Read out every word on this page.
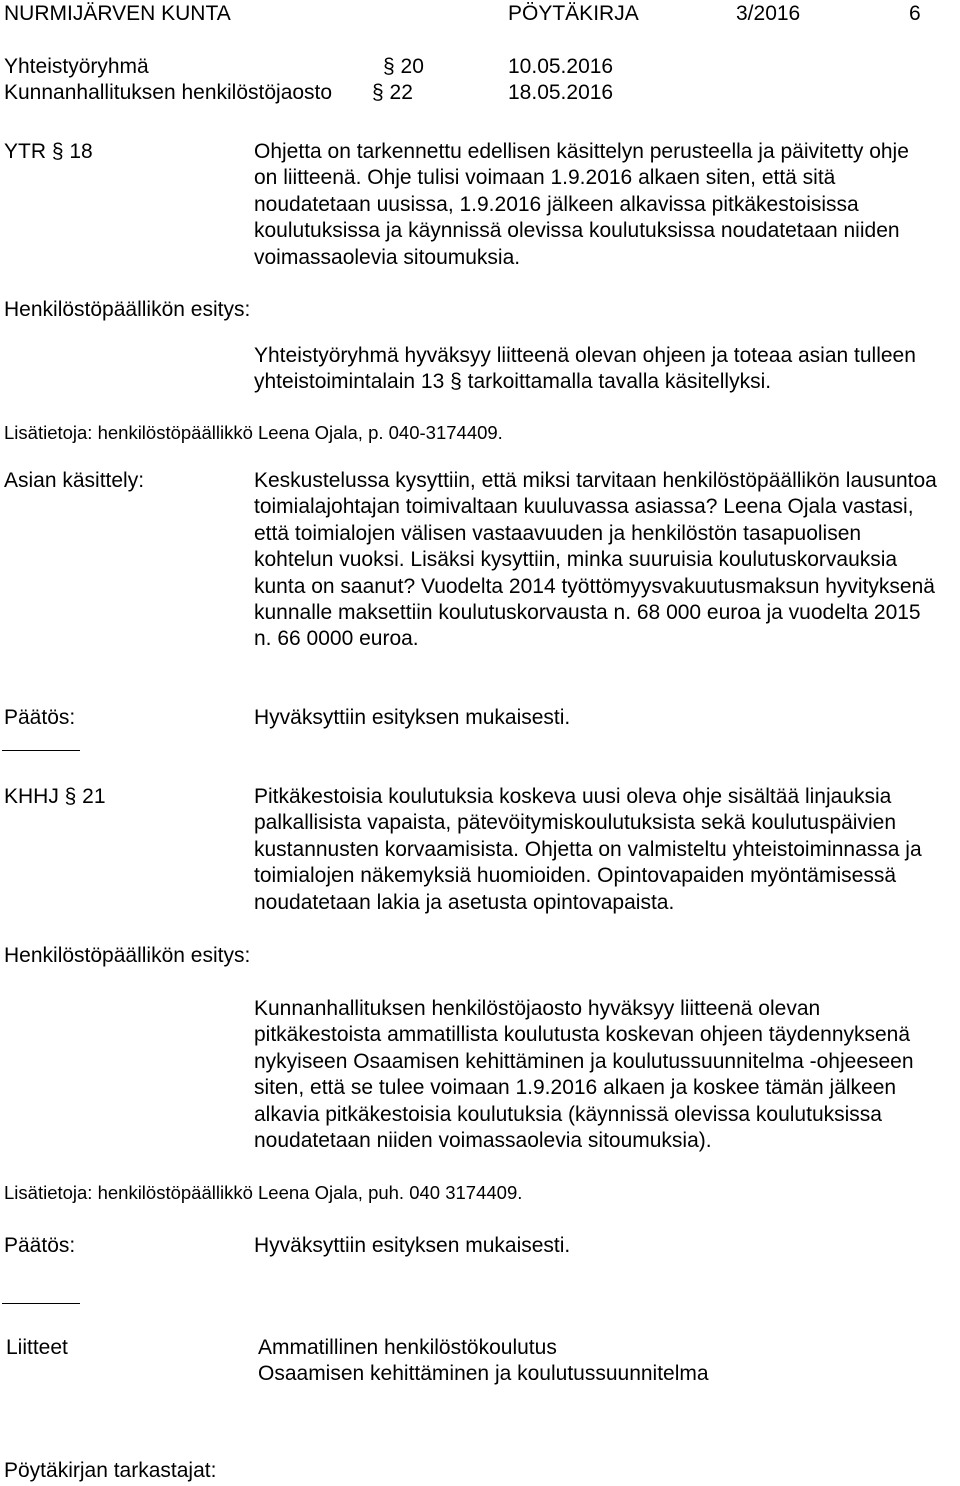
NURMIJÄRVEN KUNTA	PÖYTÄKIRJA	3/2016	6
Yhteistyöryhmä	§ 20	10.05.2016
Kunnanhallituksen henkilöstöjaosto § 22	18.05.2016
YTR § 18	Ohjetta on tarkennettu edellisen käsittelyn perusteella ja päivitetty ohje on liitteenä. Ohje tulisi voimaan 1.9.2016 alkaen siten, että sitä noudatetaan uusissa, 1.9.2016 jälkeen alkavissa pitkäkestoisissa koulutuksissa ja käynnissä olevissa koulutuksissa noudatetaan niiden voimassaolevia sitoumuksia.
Henkilöstöpäällikön esitys:
Yhteistyöryhmä hyväksyy liitteenä olevan ohjeen ja toteaa asian tulleen yhteistoimintalain 13 § tarkoittamalla tavalla käsitellyksi.
Lisätietoja: henkilöstöpäällikkö Leena Ojala, p. 040-3174409.
Asian käsittely:	Keskustelussa kysyttiin, että miksi tarvitaan henkilöstöpäällikön lausuntoa toimialajohtajan toimivaltaan kuuluvassa asiassa? Leena Ojala vastasi, että toimialojen välisen vastaavuuden ja henkilöstön tasapuolisen kohtelun vuoksi. Lisäksi kysyttiin, minka suuruisia koulutuskorvauksia kunta on saanut? Vuodelta 2014 työttömyysvakuutusmaksun hyvityksenä kunnalle maksettiin koulutuskorvausta n. 68 000 euroa ja vuodelta 2015 n. 66 0000 euroa.
Päätös:	Hyväksyttiin esityksen mukaisesti.
KHHJ § 21	Pitkäkestoisia koulutuksia koskeva uusi oleva ohje sisältää linjauksia palkallisista vapaista, pätevöitymiskoulutuksista sekä koulutuspäivien kustannusten korvaamisista. Ohjetta on valmisteltu yhteistoiminnassa ja toimialojen näkemyksiä huomioiden. Opintovapaiden myöntämisessä noudatetaan lakia ja asetusta opintovapaista.
Henkilöstöpäällikön esitys:
Kunnanhallituksen henkilöstöjaosto hyväksyy liitteenä olevan pitkäkestoista ammatillista koulutusta koskevan ohjeen täydennyksenä nykyiseen Osaamisen kehittäminen ja koulutussuunnitelma -ohjeeseen siten, että se tulee voimaan 1.9.2016 alkaen ja koskee tämän jälkeen alkavia pitkäkestoisia koulutuksia (käynnissä olevissa koulutuksissa noudatetaan niiden voimassaolevia sitoumuksia).
Lisätietoja: henkilöstöpäällikkö Leena Ojala, puh. 040 3174409.
Päätös:	Hyväksyttiin esityksen mukaisesti.
Liitteet	Ammatillinen henkilöstökoulutus
Osaamisen kehittäminen ja koulutussuunnitelma
Pöytäkirjan tarkastajat:
